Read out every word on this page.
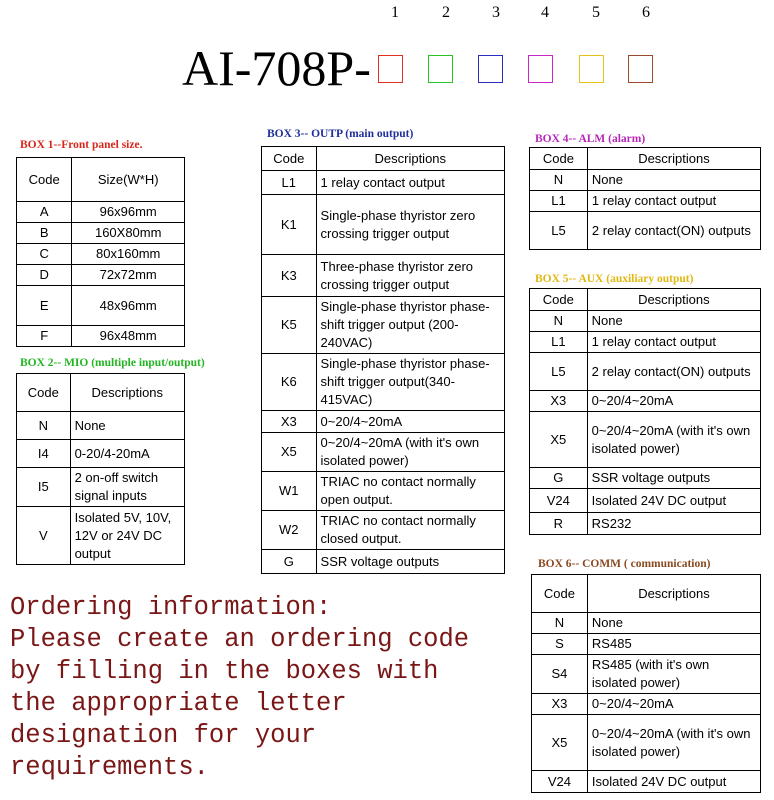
1	2	3	4	5	6
AI-708P-
BOX 1--Front panel size.
Code	Size(W*H)
A	96x96mm
B	160X80mm
C	80x160mm
D	72x72mm
E	48x96mm
F	96x48mm
BOX 2-- MIO (multiple input/output)
Code	Descriptions
N	None
I4	0-20/4-20mA
I5	2 on-off switch signal inputs
V	Isolated 5V, 10V, 12V or 24V DC output
BOX 3-- OUTP (main output)
Code	Descriptions
L1	1 relay contact output
K1	Single-phase thyristor zero crossing trigger output
K3	Three-phase thyristor zero crossing trigger output
K5	Single-phase thyristor phase-shift trigger output (200-240VAC)
K6	Single-phase thyristor phase-shift trigger output(340-415VAC)
X3	0~20/4~20mA
X5	0~20/4~20mA (with it's own isolated power)
W1	TRIAC no contact normally open output.
W2	TRIAC no contact normally closed output.
G	SSR voltage outputs
BOX 4-- ALM (alarm)
Code	Descriptions
N	None
L1	1 relay contact output
L5	2 relay contact(ON) outputs
BOX 5-- AUX (auxiliary output)
Code	Descriptions
N	None
L1	1 relay contact output
L5	2 relay contact(ON) outputs
X3	0~20/4~20mA
X5	0~20/4~20mA (with it's own isolated power)
G	SSR voltage outputs
V24	Isolated 24V DC output
R	RS232
BOX 6-- COMM ( communication)
Code	Descriptions
N	None
S	RS485
S4	RS485 (with it's own isolated power)
X3	0~20/4~20mA
X5	0~20/4~20mA (with it's own isolated power)
V24	Isolated 24V DC output
Ordering information:
Please create an ordering code
by filling in the boxes with
the appropriate letter
designation for your
requirements.
